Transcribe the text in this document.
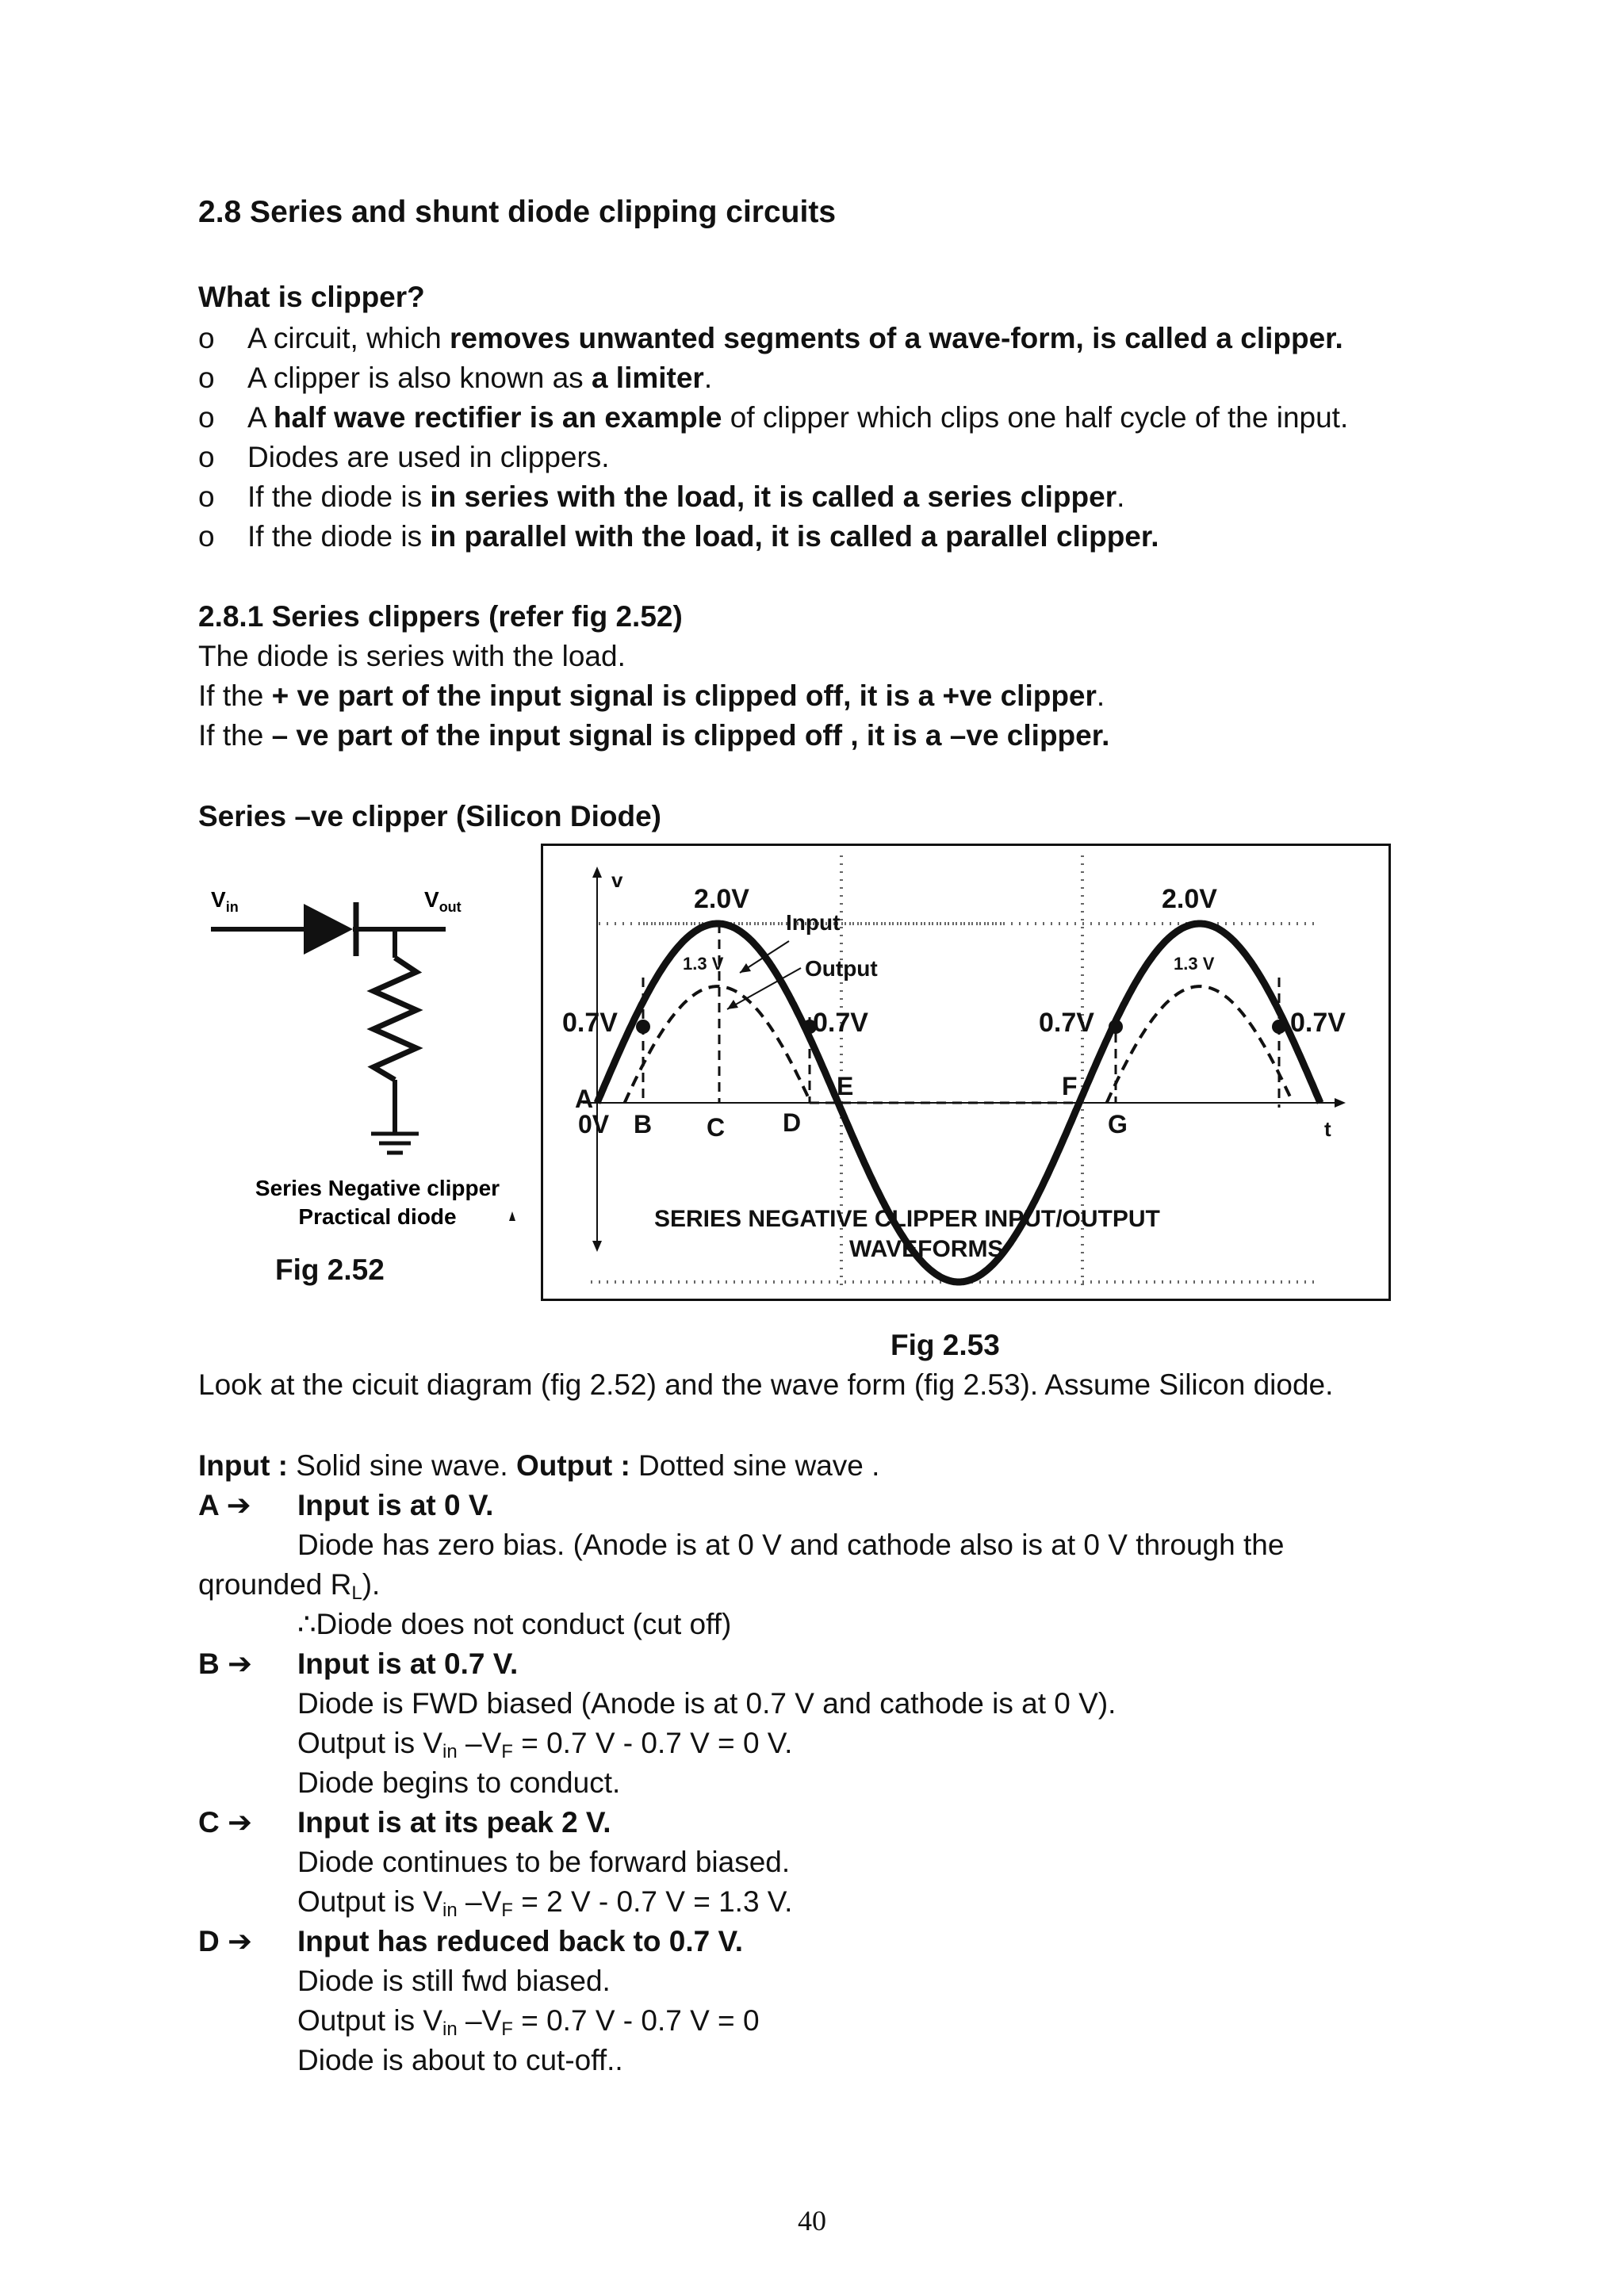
2.8 Series and shunt diode clipping circuits
What is clipper?
o	A circuit, which removes unwanted segments of a wave-form, is called a clipper.
o	A clipper is also known as a limiter.
o	A half wave rectifier is an example of clipper which clips one half cycle of the input.
o	Diodes are used in clippers.
o	If the diode is in series with the load, it is called a series clipper.
o	If the diode is in parallel with the load, it is called a parallel clipper.
2.8.1 Series clippers (refer fig 2.52)
The diode is series with the load.
If the + ve part of the input signal is clipped off, it is a +ve clipper.
If the – ve part of the input signal is clipped off , it is a –ve clipper.
Series –ve clipper (Silicon Diode)
$V_{in}$	$V_{out}$
Series Negative clipper
Practical diode
Fig 2.52
v
t
2.0V	2.0V
1.3 V	1.3 V
Input
Output
0.7V	0.7V	0.7V	0.7V
A
0V B C D
E	F
G
SERIES NEGATIVE CLIPPER INPUT/OUTPUT
WAVEFORMS
Fig 2.53
Look at the cicuit diagram (fig 2.52) and the wave form (fig 2.53). Assume Silicon diode.
Input : Solid sine wave. Output : Dotted sine wave .
A ➔ Input is at 0 V.
Diode has zero bias. (Anode is at 0 V and cathode also is at 0 V through the
qrounded $R_L$).
∴Diode does not conduct (cut off)
B ➔ Input is at 0.7 V.
Diode is FWD biased (Anode is at 0.7 V and cathode is at 0 V).
Output is $V_{in}$ $-V_F = 0.7$ V - 0.7 V = 0 V.
Diode begins to conduct.
C ➔ Input is at its peak 2 V.
Diode continues to be forward biased.
Output is $V_{in}$ $-V_F = 2$ V - 0.7 V = 1.3 V.
D ➔ Input has reduced back to 0.7 V.
Diode is still fwd biased.
Output is $V_{in}$ $-V_F = 0.7$ V - 0.7 V = 0
Diode is about to cut-off..
40
